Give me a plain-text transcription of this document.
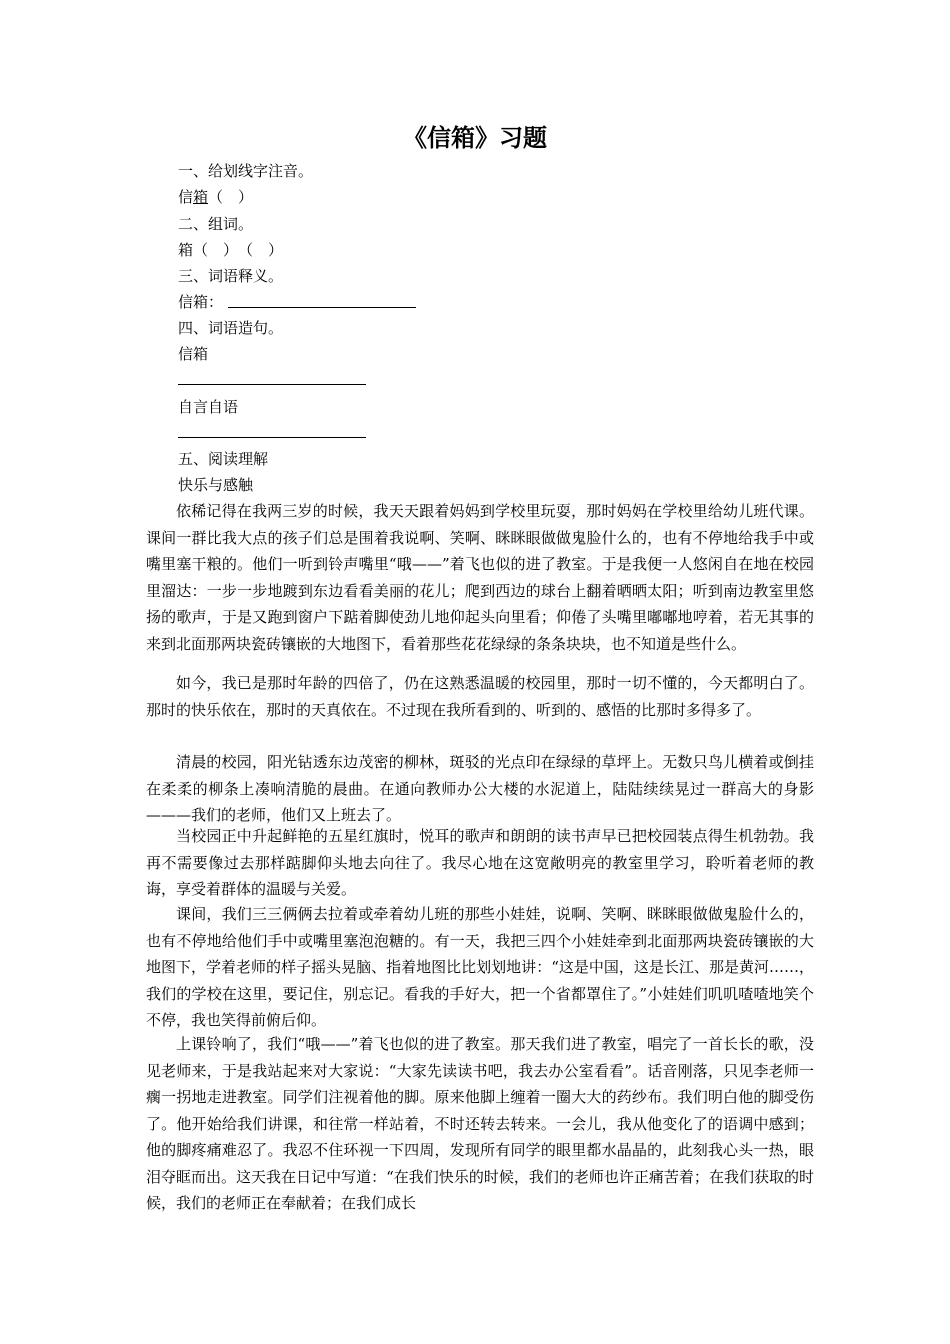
《信箱》习题
一、给划线字注音。
信箱（　）
二、组词。
箱（　）　（　）
三、词语释义。
信箱：
四、词语造句。
信箱
自言自语
五、阅读理解
快乐与感触

依稀记得在我两三岁的时候，我天天跟着妈妈到学校里玩耍，那时妈妈在学校里给幼儿班代课。课间一群比我大点的孩子们总是围着我说啊、笑啊、眯眯眼做做鬼脸什么的，也有不停地给我手中或嘴里塞干粮的。他们一听到铃声嘴里“哦——”着飞也似的进了教室。于是我便一人悠闲自在地在校园里溜达：一步一步地踱到东边看看美丽的花儿；爬到西边的球台上翻着晒晒太阳；听到南边教室里悠扬的歌声，于是又跑到窗户下踮着脚使劲儿地仰起头向里看；仰倦了头嘴里嘟嘟地哼着，若无其事的来到北面那两块瓷砖镶嵌的大地图下，看着那些花花绿绿的条条块块，也不知道是些什么。

如今，我已是那时年龄的四倍了，仍在这熟悉温暖的校园里，那时一切不懂的，今天都明白了。那时的快乐依在，那时的天真依在。不过现在我所看到的、听到的、感悟的比那时多得多了。

清晨的校园，阳光钻透东边茂密的柳林，斑驳的光点印在绿绿的草坪上。无数只鸟儿横着或倒挂在柔柔的柳条上凑响清脆的晨曲。在通向教师办公大楼的水泥道上，陆陆续续晃过一群高大的身影———我们的老师，他们又上班去了。

当校园正中升起鲜艳的五星红旗时，悦耳的歌声和朗朗的读书声早已把校园装点得生机勃勃。我再不需要像过去那样踮脚仰头地去向往了。我尽心地在这宽敞明亮的教室里学习，聆听着老师的教诲，享受着群体的温暖与关爱。

课间，我们三三俩俩去拉着或牵着幼儿班的那些小娃娃，说啊、笑啊、眯眯眼做做鬼脸什么的，也有不停地给他们手中或嘴里塞泡泡糖的。有一天，我把三四个小娃娃牵到北面那两块瓷砖镶嵌的大地图下，学着老师的样子摇头晃脑、指着地图比比划划地讲：“这是中国，这是长江、那是黄河……，我们的学校在这里，要记住，别忘记。看我的手好大，把一个省都罩住了。”小娃娃们叽叽喳喳地笑个不停，我也笑得前俯后仰。

上课铃响了，我们“哦——”着飞也似的进了教室。那天我们进了教室，唱完了一首长长的歌，没见老师来，于是我站起来对大家说：“大家先读读书吧，我去办公室看看”。话音刚落，只见李老师一瘸一拐地走进教室。同学们注视着他的脚。原来他脚上缠着一圈大大的药纱布。我们明白他的脚受伤了。他开始给我们讲课，和往常一样站着，不时还转去转来。一会儿，我从他变化了的语调中感到；他的脚疼痛难忍了。我忍不住环视一下四周，发现所有同学的眼里都水晶晶的，此刻我心头一热，眼泪夺眶而出。这天我在日记中写道：“在我们快乐的时候，我们的老师也许正痛苦着；在我们获取的时候，我们的老师正在奉献着；在我们成长
